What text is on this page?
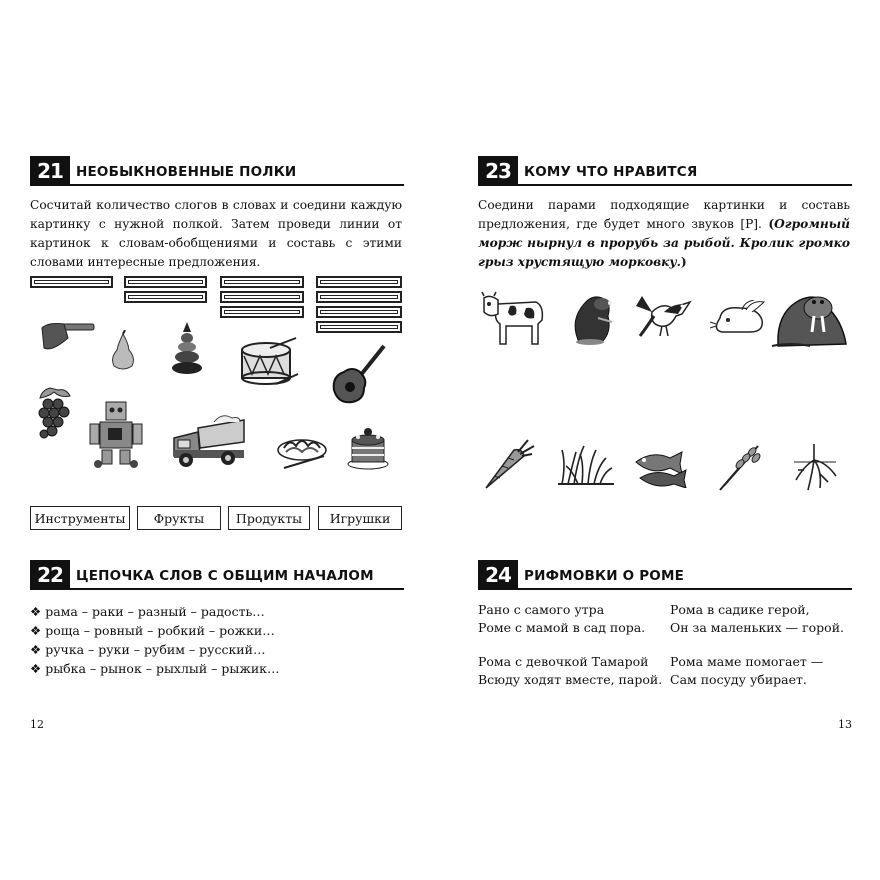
21 НЕОБЫКНОВЕННЫЕ ПОЛКИ
Сосчитай количество слогов в словах и соедини каждую картинку с нужной полкой. Затем проведи линии от картинок к словам-обобщениями и составь с этими словами интересные предложения.
Инструменты	Фрукты	Продукты	Игрушки
22 ЦЕПОЧКА СЛОВ С ОБЩИМ НАЧАЛОМ
❖ рама – раки – разный – радость…
❖ роща – ровный – робкий – рожки…
❖ ручка – руки – рубим – русский…
❖ рыбка – рынок – рыхлый – рыжик…
12
23 КОМУ ЧТО НРАВИТСЯ
Соедини парами подходящие картинки и составь предложения, где будет много звуков [Р]. (Огромный морж нырнул в прорубь за рыбой. Кролик громко грыз хрустящую морковку.)
24 РИФМОВКИ О РОМЕ
Рано с самого утра
Роме с мамой в сад пора.
Рома в садике герой,
Он за маленьких — горой.
Рома с девочкой Тамарой
Всюду ходят вместе, парой.
Рома маме помогает —
Сам посуду убирает.
13
